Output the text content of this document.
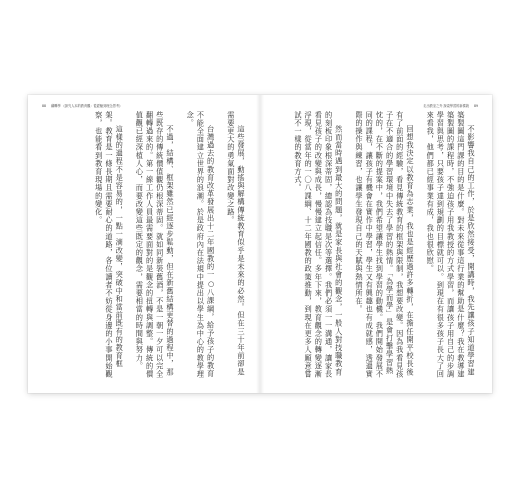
88 翻轉學 《探究人本的教育觀：從經驗到理念思考》

這些發展，動搖與解構傳統教育似乎是未來的必然。但在三十年前卻是需要更大的勇氣面對改變之路。

台灣過去的教育改革發展出十二年國教的一○八課綱，給予孩子的教育不能全面建立世界的浪潮。於是政府內在法規中提出以學生為中心的教學理念。

不過，結構、框架雖然已經逐步鬆動，但在新舊結構更替的過程中，那些既存的傳統價值觀仍根深蒂固。就如同新裝舊酒，不是一朝一夕可以完全翻轉過來的。第一線工作人員最需要面對的是觀念的扭轉與調整。傳統的價值觀已經深植人心，而要改變這些既定的觀念，需要相當的時間與努力。

這樣的過程不是容易的，一點一滴改變，突破中和當前既有的教育框架。教育是一條長期且需要耐心的道路，各位讀者不妨從身邊的小事開始觀察，也能看到教育現場的變化。

走出教室之外 探索學習的新樣貌 89

不影響我自己的工作，於是欣然接受，開講時，我先讓孩子知道學習建築製圖這門課的目的是什麼。對未來從事這行業的幫助是什麼？我在教導建築製圖的課程時，不強迫孩子用我教授的方式學習，而讓孩子用自己的步調學習與思考，只要孩子達到規劃的目標就可以。到現在有很多孩子長大了回來看我，他們都已經事業有成，我也很欣慰。

回想我決定以教育為志業，我也是經歷過許多轉折，在擔任開平校長後有了前面的經驗，看見傳統教育的框架與限制，我想要改變。因為我看見孩子在不適合的學習環境中失去了學習的熱情。「為學而學」是會打擊學習熱忱的，在不斷的提案中，我們希望讓學生找到學習的動機。我們開始發展不同的課程，讓孩子有機會在實作中學習，學生又有興趣也有成就感，透過實際的操作與練習，也讓學生發現自己的天賦與熱情所在。

然而當時遇到最大的問題，就是家長與社會的觀念，一般人對技職教育的刻板印象根深蒂固，總認為技職是次等選擇。我們必須一一溝通，讓家長看見孩子的改變與成長，慢慢建立起信任。多年下來，教育觀念的轉變逐漸浮現，從當年的一〇八課綱、十二年國教的政策推動，到現在更多人願意嘗試不一樣的教育方式。
